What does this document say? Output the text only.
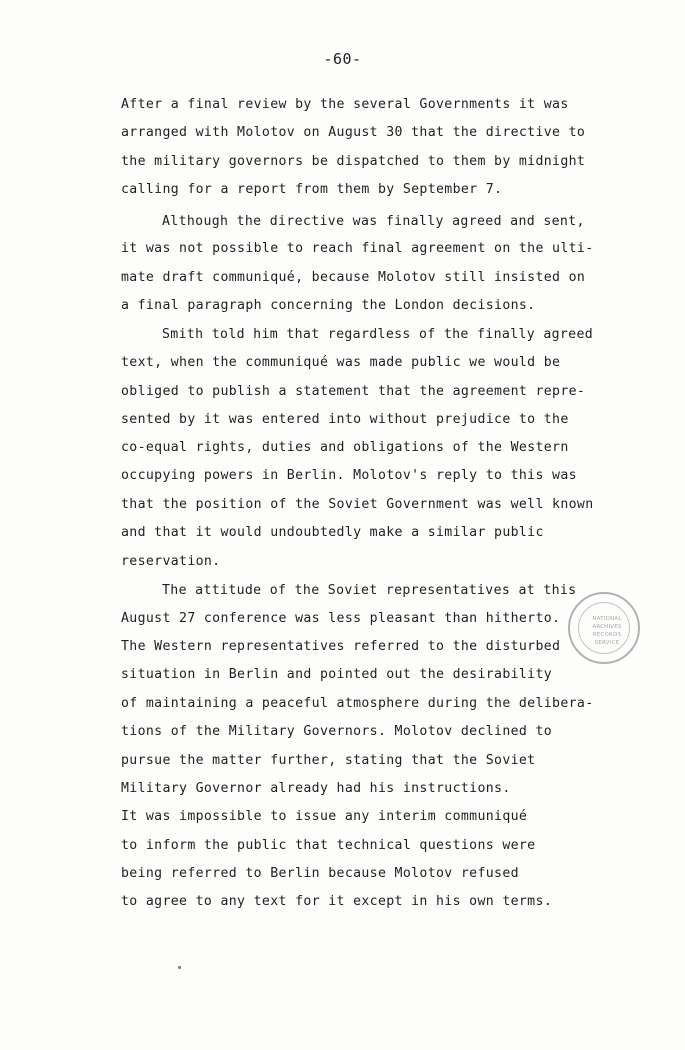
-60-
After a final review by the several Governments it was
arranged with Molotov on August 30 that the directive to
the military governors be dispatched to them by midnight
calling for a report from them by September 7.
Although the directive was finally agreed and sent,
it was not possible to reach final agreement on the ulti-
mate draft communiqué, because Molotov still insisted on
a final paragraph concerning the London decisions.
Smith told him that regardless of the finally agreed
text, when the communiqué was made public we would be
obliged to publish a statement that the agreement repre-
sented by it was entered into without prejudice to the
co-equal rights, duties and obligations of the Western
occupying powers in Berlin. Molotov's reply to this was
that the position of the Soviet Government was well known
and that it would undoubtedly make a similar public
reservation.
The attitude of the Soviet representatives at this
August 27 conference was less pleasant than hitherto.
The Western representatives referred to the disturbed
situation in Berlin and pointed out the desirability
of maintaining a peaceful atmosphere during the delibera-
tions of the Military Governors. Molotov declined to
pursue the matter further, stating that the Soviet
Military Governor already had his instructions.
It was impossible to issue any interim communiqué
to inform the public that technical questions were
being referred to Berlin because Molotov refused
to agree to any text for it except in his own terms.
NATIONAL
ARCHIVES
RECORDS
SERVICE
